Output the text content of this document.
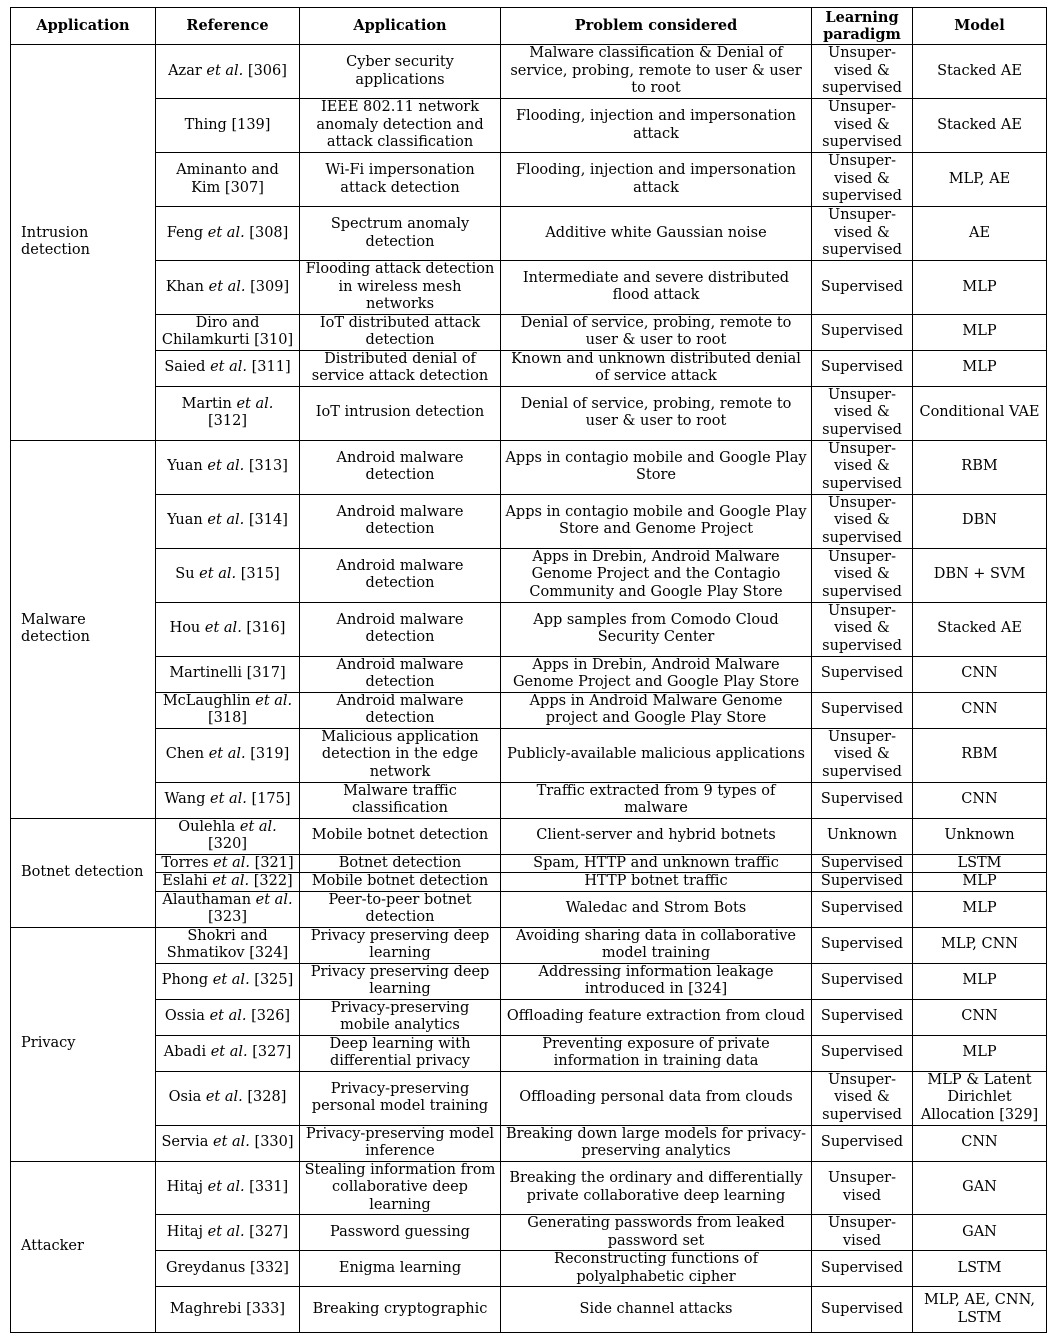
Application	Reference	Application	Problem considered	Learning paradigm	Model
Intrusion detection	Azar et al. [306]	Cyber security applications	Malware classification & Denial of service, probing, remote to user & user to root	Unsuper-vised & supervised	Stacked AE
	Thing [139]	IEEE 802.11 network anomaly detection and attack classification	Flooding, injection and impersonation attack	Unsuper-vised & supervised	Stacked AE
	Aminanto and Kim [307]	Wi-Fi impersonation attack detection	Flooding, injection and impersonation attack	Unsuper-vised & supervised	MLP, AE
	Feng et al. [308]	Spectrum anomaly detection	Additive white Gaussian noise	Unsuper-vised & supervised	AE
	Khan et al. [309]	Flooding attack detection in wireless mesh networks	Intermediate and severe distributed flood attack	Supervised	MLP
	Diro and Chilamkurti [310]	IoT distributed attack detection	Denial of service, probing, remote to user & user to root	Supervised	MLP
	Saied et al. [311]	Distributed denial of service attack detection	Known and unknown distributed denial of service attack	Supervised	MLP
	Martin et al. [312]	IoT intrusion detection	Denial of service, probing, remote to user & user to root	Unsuper-vised & supervised	Conditional VAE
Malware detection	Yuan et al. [313]	Android malware detection	Apps in contagio mobile and Google Play Store	Unsuper-vised & supervised	RBM
	Yuan et al. [314]	Android malware detection	Apps in contagio mobile and Google Play Store and Genome Project	Unsuper-vised & supervised	DBN
	Su et al. [315]	Android malware detection	Apps in Drebin, Android Malware Genome Project and the Contagio Community and Google Play Store	Unsuper-vised & supervised	DBN + SVM
	Hou et al. [316]	Android malware detection	App samples from Comodo Cloud Security Center	Unsuper-vised & supervised	Stacked AE
	Martinelli [317]	Android malware detection	Apps in Drebin, Android Malware Genome Project and Google Play Store	Supervised	CNN
	McLaughlin et al. [318]	Android malware detection	Apps in Android Malware Genome project and Google Play Store	Supervised	CNN
	Chen et al. [319]	Malicious application detection in the edge network	Publicly-available malicious applications	Unsuper-vised & supervised	RBM
	Wang et al. [175]	Malware traffic classification	Traffic extracted from 9 types of malware	Supervised	CNN
Botnet detection	Oulehla et al. [320]	Mobile botnet detection	Client-server and hybrid botnets	Unknown	Unknown
	Torres et al. [321]	Botnet detection	Spam, HTTP and unknown traffic	Supervised	LSTM
	Eslahi et al. [322]	Mobile botnet detection	HTTP botnet traffic	Supervised	MLP
	Alauthaman et al. [323]	Peer-to-peer botnet detection	Waledac and Strom Bots	Supervised	MLP
Privacy	Shokri and Shmatikov [324]	Privacy preserving deep learning	Avoiding sharing data in collaborative model training	Supervised	MLP, CNN
	Phong et al. [325]	Privacy preserving deep learning	Addressing information leakage introduced in [324]	Supervised	MLP
	Ossia et al. [326]	Privacy-preserving mobile analytics	Offloading feature extraction from cloud	Supervised	CNN
	Abadi et al. [327]	Deep learning with differential privacy	Preventing exposure of private information in training data	Supervised	MLP
	Osia et al. [328]	Privacy-preserving personal model training	Offloading personal data from clouds	Unsuper-vised & supervised	MLP & Latent Dirichlet Allocation [329]
	Servia et al. [330]	Privacy-preserving model inference	Breaking down large models for privacy-preserving analytics	Supervised	CNN
Attacker	Hitaj et al. [331]	Stealing information from collaborative deep learning	Breaking the ordinary and differentially private collaborative deep learning	Unsuper-vised	GAN
	Hitaj et al. [327]	Password guessing	Generating passwords from leaked password set	Unsuper-vised	GAN
	Greydanus [332]	Enigma learning	Reconstructing functions of polyalphabetic cipher	Supervised	LSTM
	Maghrebi [333]	Breaking cryptographic	Side channel attacks	Supervised	MLP, AE, CNN, LSTM
